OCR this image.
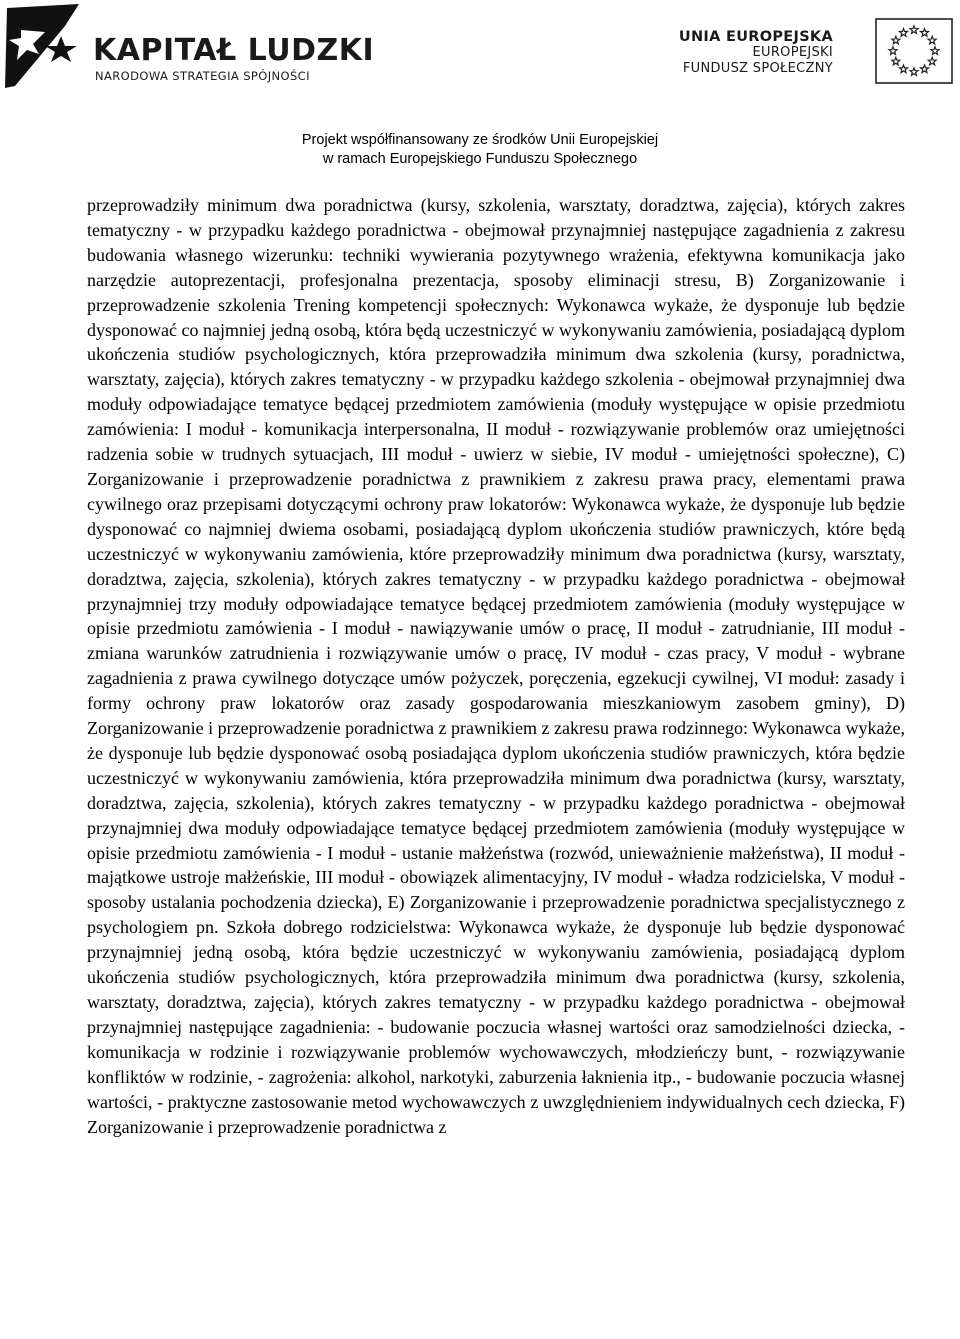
KAPITAŁ LUDZKI
NARODOWA STRATEGIA SPÓJNOŚCI
UNIA EUROPEJSKA
EUROPEJSKI
FUNDUSZ SPOŁECZNY
Projekt współfinansowany ze środków Unii Europejskiej
w ramach Europejskiego Funduszu Społecznego

przeprowadziły minimum dwa poradnictwa (kursy, szkolenia, warsztaty, doradztwa, zajęcia), których zakres tematyczny - w przypadku każdego poradnictwa - obejmował przynajmniej następujące zagadnienia z zakresu budowania własnego wizerunku: techniki wywierania pozytywnego wrażenia, efektywna komunikacja jako narzędzie autoprezentacji, profesjonalna prezentacja, sposoby eliminacji stresu, B) Zorganizowanie i przeprowadzenie szkolenia Trening kompetencji społecznych: Wykonawca wykaże, że dysponuje lub będzie dysponować co najmniej jedną osobą, która będą uczestniczyć w wykonywaniu zamówienia, posiadającą dyplom ukończenia studiów psychologicznych, która przeprowadziła minimum dwa szkolenia (kursy, poradnictwa, warsztaty, zajęcia), których zakres tematyczny - w przypadku każdego szkolenia - obejmował przynajmniej dwa moduły odpowiadające tematyce będącej przedmiotem zamówienia (moduły występujące w opisie przedmiotu zamówienia: I moduł - komunikacja interpersonalna, II moduł - rozwiązywanie problemów oraz umiejętności radzenia sobie w trudnych sytuacjach, III moduł - uwierz w siebie, IV moduł - umiejętności społeczne), C) Zorganizowanie i przeprowadzenie poradnictwa z prawnikiem z zakresu prawa pracy, elementami prawa cywilnego oraz przepisami dotyczącymi ochrony praw lokatorów: Wykonawca wykaże, że dysponuje lub będzie dysponować co najmniej dwiema osobami, posiadającą dyplom ukończenia studiów prawniczych, które będą uczestniczyć w wykonywaniu zamówienia, które przeprowadziły minimum dwa poradnictwa (kursy, warsztaty, doradztwa, zajęcia, szkolenia), których zakres tematyczny - w przypadku każdego poradnictwa - obejmował przynajmniej trzy moduły odpowiadające tematyce będącej przedmiotem zamówienia (moduły występujące w opisie przedmiotu zamówienia - I moduł - nawiązywanie umów o pracę, II moduł - zatrudnianie, III moduł - zmiana warunków zatrudnienia i rozwiązywanie umów o pracę, IV moduł - czas pracy, V moduł - wybrane zagadnienia z prawa cywilnego dotyczące umów pożyczek, poręczenia, egzekucji cywilnej, VI moduł: zasady i formy ochrony praw lokatorów oraz zasady gospodarowania mieszkaniowym zasobem gminy), D) Zorganizowanie i przeprowadzenie poradnictwa z prawnikiem z zakresu prawa rodzinnego: Wykonawca wykaże, że dysponuje lub będzie dysponować osobą posiadająca dyplom ukończenia studiów prawniczych, która będzie uczestniczyć w wykonywaniu zamówienia, która przeprowadziła minimum dwa poradnictwa (kursy, warsztaty, doradztwa, zajęcia, szkolenia), których zakres tematyczny - w przypadku każdego poradnictwa - obejmował przynajmniej dwa moduły odpowiadające tematyce będącej przedmiotem zamówienia (moduły występujące w opisie przedmiotu zamówienia - I moduł - ustanie małżeństwa (rozwód, unieważnienie małżeństwa), II moduł - majątkowe ustroje małżeńskie, III moduł - obowiązek alimentacyjny, IV moduł - władza rodzicielska, V moduł - sposoby ustalania pochodzenia dziecka), E) Zorganizowanie i przeprowadzenie poradnictwa specjalistycznego z psychologiem pn. Szkoła dobrego rodzicielstwa: Wykonawca wykaże, że dysponuje lub będzie dysponować przynajmniej jedną osobą, która będzie uczestniczyć w wykonywaniu zamówienia, posiadającą dyplom ukończenia studiów psychologicznych, która przeprowadziła minimum dwa poradnictwa (kursy, szkolenia, warsztaty, doradztwa, zajęcia), których zakres tematyczny - w przypadku każdego poradnictwa - obejmował przynajmniej następujące zagadnienia: - budowanie poczucia własnej wartości oraz samodzielności dziecka, - komunikacja w rodzinie i rozwiązywanie problemów wychowawczych, młodzieńczy bunt, - rozwiązywanie konfliktów w rodzinie, - zagrożenia: alkohol, narkotyki, zaburzenia łaknienia itp., - budowanie poczucia własnej wartości, - praktyczne zastosowanie metod wychowawczych z uwzględnieniem indywidualnych cech dziecka, F) Zorganizowanie i przeprowadzenie poradnictwa z
